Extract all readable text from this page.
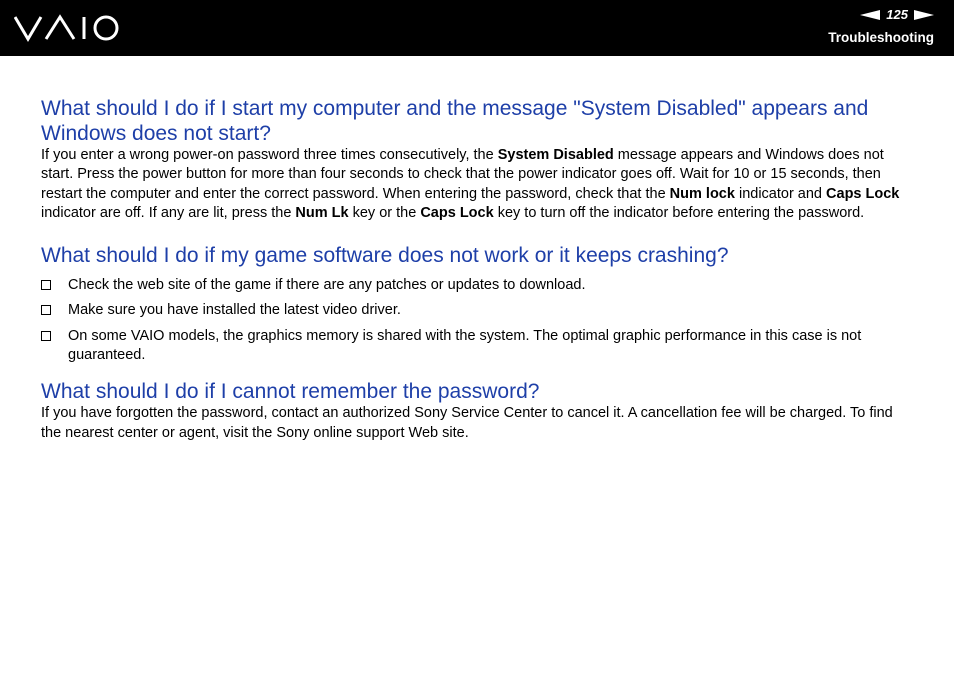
125
Troubleshooting
What should I do if I start my computer and the message "System Disabled" appears and Windows does not start?

If you enter a wrong power-on password three times consecutively, the System Disabled message appears and Windows does not start. Press the power button for more than four seconds to check that the power indicator goes off. Wait for 10 or 15 seconds, then restart the computer and enter the correct password. When entering the password, check that the Num lock indicator and Caps Lock indicator are off. If any are lit, press the Num Lk key or the Caps Lock key to turn off the indicator before entering the password.

What should I do if my game software does not work or it keeps crashing?
Check the web site of the game if there are any patches or updates to download.
Make sure you have installed the latest video driver.
On some VAIO models, the graphics memory is shared with the system. The optimal graphic performance in this case is not guaranteed.
What should I do if I cannot remember the password?

If you have forgotten the password, contact an authorized Sony Service Center to cancel it. A cancellation fee will be charged. To find the nearest center or agent, visit the Sony online support Web site.
